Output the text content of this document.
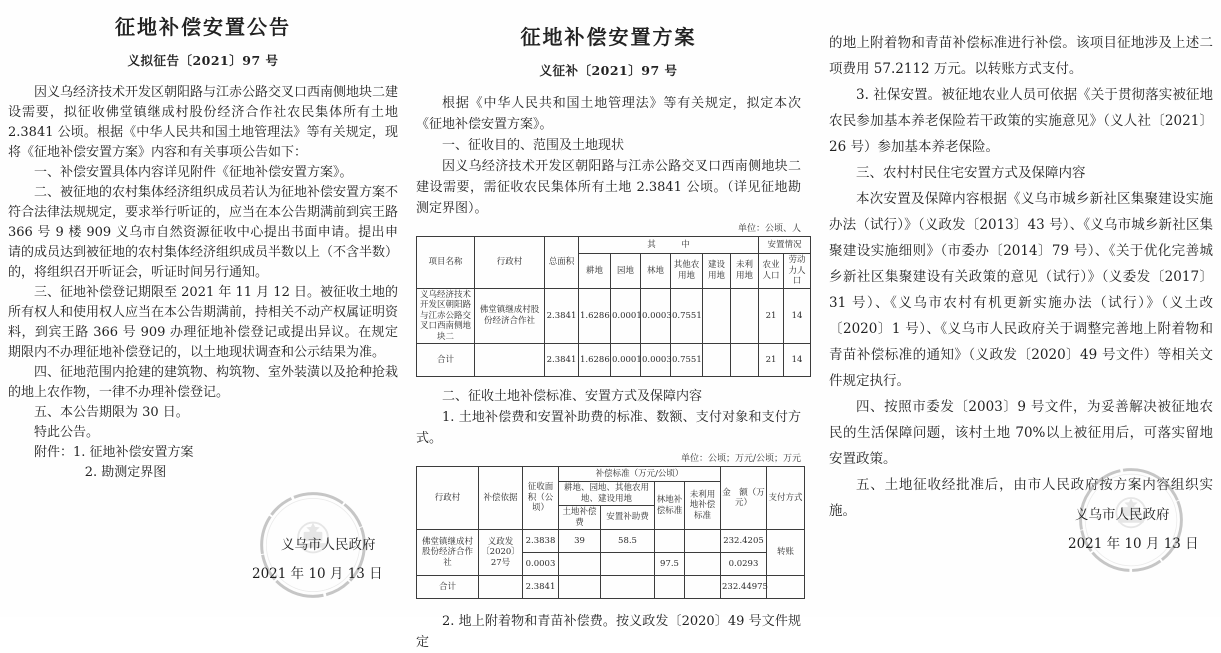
征地补偿安置公告
义拟征告〔2021〕97 号

因义乌经济技术开发区朝阳路与江赤公路交叉口西南侧地块二建设需要，拟征收佛堂镇继成村股份经济合作社农民集体所有土地 2.3841 公顷。根据《中华人民共和国土地管理法》等有关规定，现将《征地补偿安置方案》内容和有关事项公告如下：

一、补偿安置具体内容详见附件《征地补偿安置方案》。

二、被征地的农村集体经济组织成员若认为征地补偿安置方案不符合法律法规规定，要求举行听证的，应当在本公告期满前到宾王路 366 号 9 楼 909 义乌市自然资源征收中心提出书面申请。提出申请的成员达到被征地的农村集体经济组织成员半数以上（不含半数）的，将组织召开听证会，听证时间另行通知。

三、征地补偿登记期限至 2021 年 11 月 12 日。被征收土地的所有权人和使用权人应当在本公告期满前，持相关不动产权属证明资料，到宾王路 366 号 909 办理征地补偿登记或提出异议。在规定期限内不办理征地补偿登记的，以土地现状调查和公示结果为准。

四、征地范围内抢建的建筑物、构筑物、室外装潢以及抢种抢栽的地上农作物，一律不办理补偿登记。

五、本公告期限为 30 日。

特此公告。

附件：1. 征地补偿安置方案

2. 勘测定界图

义乌市人民政府
2021 年 10 月 13 日
征地补偿安置方案
义征补〔2021〕97 号

根据《中华人民共和国土地管理法》等有关规定，拟定本次《征地补偿安置方案》。

一、征收目的、范围及土地现状

因义乌经济技术开发区朝阳路与江赤公路交叉口西南侧地块二建设需要，需征收农民集体所有土地 2.3841 公顷。（详见征地勘测定界图）。

单位：公顷、人
项目名称	行政村	总面积	其　　　中						安置情况	
			耕地	园地	林地	其他农用地	建设用地	未利用地	农业人口	劳动力人口
义乌经济技术开发区朝阳路与江赤公路交叉口西南侧地块二	佛堂镇继成村股份经济合作社	2.3841	1.6286	0.0001	0.0003	0.7551			21	14
合计		2.3841	1.6286	0.0001	0.0003	0.7551			21	14

二、征收土地补偿标准、安置方式及保障内容

1. 土地补偿费和安置补助费的标准、数额、支付对象和支付方式。

单位：公顷；万元/公顷；万元
行政村	补偿依据	征收面积（公顷）	补偿标准（万元/公顷）				金　额（万元）	支付方式
			耕地、园地、其他农用地、建设用地		林地补偿标准	未利用地补偿标准		
			土地补偿费	安置补助费				
佛堂镇继成村股份经济合作社	义政发〔2020〕27号	2.3838	39	58.5			232.4205	转账
		0.0003			97.5		0.0293	
合计		2.3841					232.44975	

2. 地上附着物和青苗补偿费。按义政发〔2020〕49 号文件规定

的地上附着物和青苗补偿标准进行补偿。该项目征地涉及上述二项费用 57.2112 万元。以转账方式支付。

3. 社保安置。被征地农业人员可依据《关于贯彻落实被征地农民参加基本养老保险若干政策的实施意见》（义人社〔2021〕26 号）参加基本养老保险。

三、农村村民住宅安置方式及保障内容

本次安置及保障内容根据《义乌市城乡新社区集聚建设实施办法（试行）》（义政发〔2013〕43 号）、《义乌市城乡新社区集聚建设实施细则》（市委办〔2014〕79 号）、《关于优化完善城乡新社区集聚建设有关政策的意见（试行）》（义委发〔2017〕31 号）、《义乌市农村有机更新实施办法（试行）》（义土改〔2020〕1 号）、《义乌市人民政府关于调整完善地上附着物和青苗补偿标准的通知》（义政发〔2020〕49 号文件）等相关文件规定执行。

四、按照市委发〔2003〕9 号文件，为妥善解决被征地农民的生活保障问题，该村土地 70%以上被征用后，可落实留地安置政策。

五、土地征收经批准后，由市人民政府按方案内容组织实施。	义乌市人民政府
2021 年 10 月 13 日
